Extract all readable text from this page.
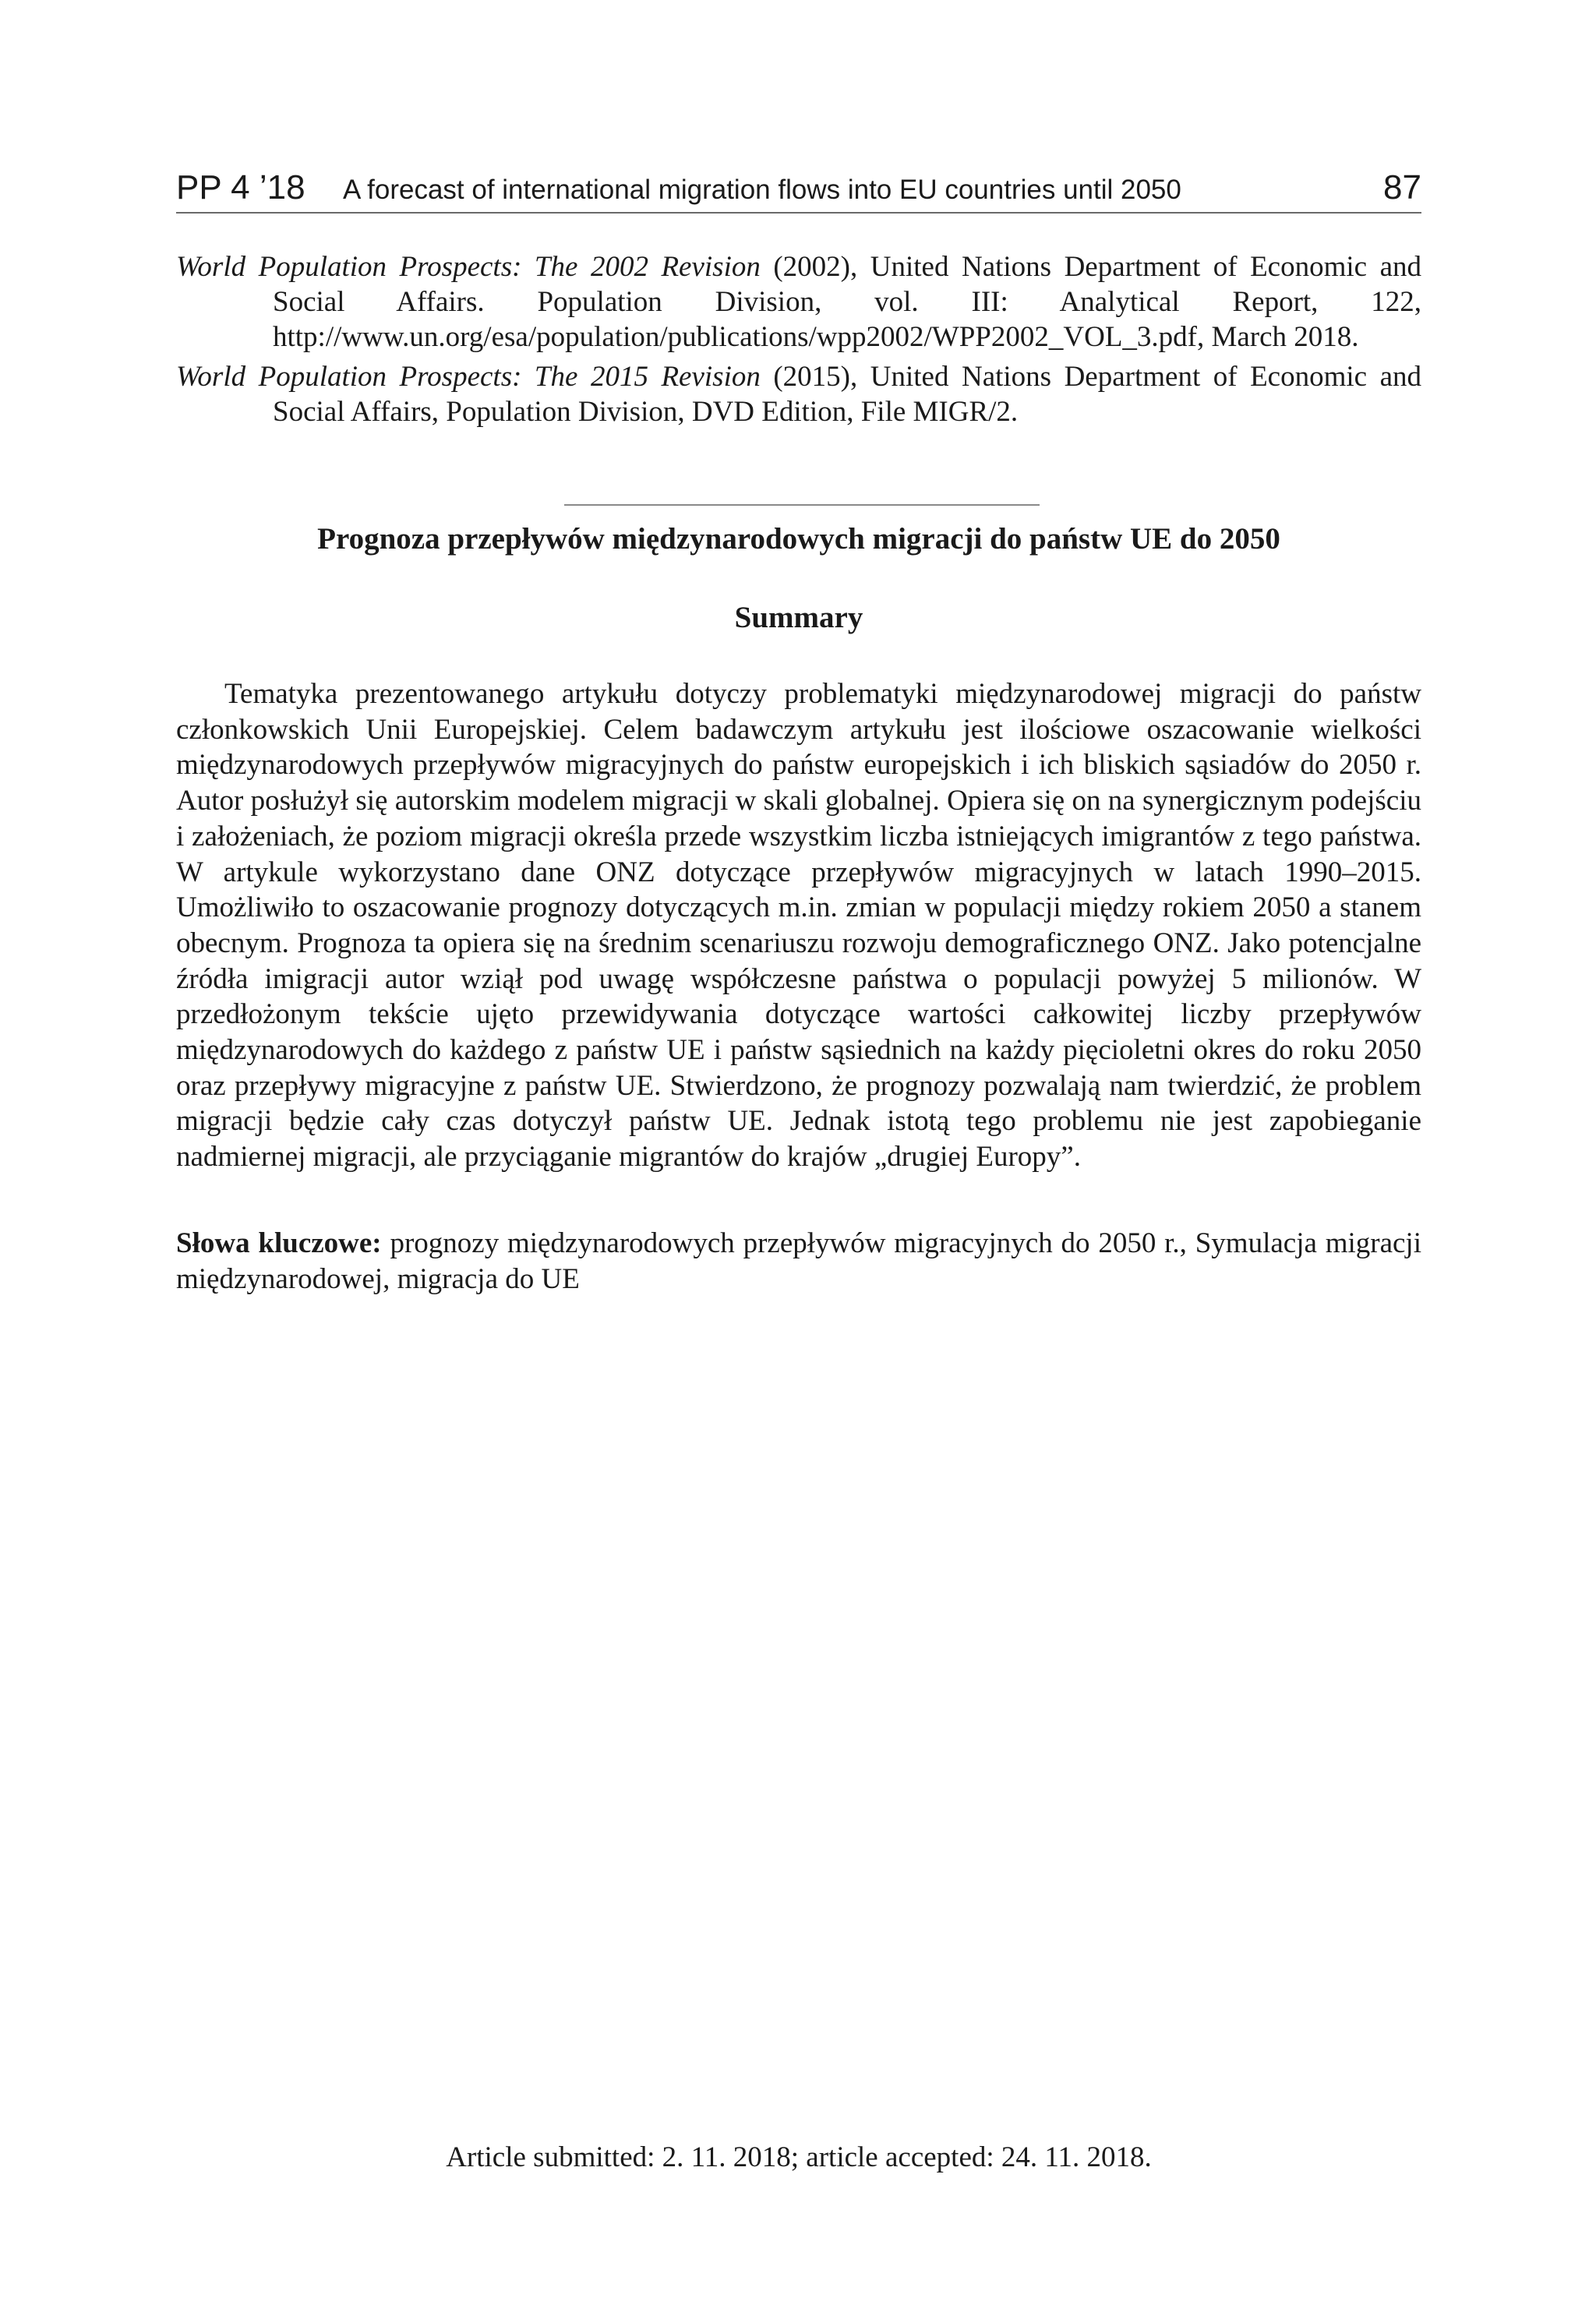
PP 4 ’18 A forecast of international migration flows into EU countries until 2050	87

World Population Prospects: The 2002 Revision (2002), United Nations Department of Economic and Social Affairs. Population Division, vol. III: Analytical Report, 122, http://www.un.org/esa/population/publications/wpp2002/WPP2002_VOL_3.pdf, March 2018.

World Population Prospects: The 2015 Revision (2015), United Nations Department of Economic and Social Affairs, Population Division, DVD Edition, File MIGR/2.

Prognoza przepływów międzynarodowych migracji do państw UE do 2050
Summary

Tematyka prezentowanego artykułu dotyczy problematyki międzynarodowej migracji do państw członkowskich Unii Europejskiej. Celem badawczym artykułu jest ilościowe oszacowanie wielkości międzynarodowych przepływów migracyjnych do państw europejskich i ich bliskich sąsiadów do 2050 r. Autor posłużył się autorskim modelem migracji w skali globalnej. Opiera się on na synergicznym podejściu i założeniach, że poziom migracji określa przede wszystkim liczba istniejących imigrantów z tego państwa. W artykule wykorzystano dane ONZ dotyczące przepływów migracyjnych w latach 1990–2015. Umożliwiło to oszacowanie prognozy dotyczących m.in. zmian w populacji między rokiem 2050 a stanem obecnym. Prognoza ta opiera się na średnim scenariuszu rozwoju demograficznego ONZ. Jako potencjalne źródła imigracji autor wziął pod uwagę współczesne państwa o populacji powyżej 5 milionów. W przedłożonym tekście ujęto przewidywania dotyczące wartości całkowitej liczby przepływów międzynarodowych do każdego z państw UE i państw sąsiednich na każdy pięcioletni okres do roku 2050 oraz przepływy migracyjne z państw UE. Stwierdzono, że prognozy pozwalają nam twierdzić, że problem migracji będzie cały czas dotyczył państw UE. Jednak istotą tego problemu nie jest zapobieganie nadmiernej migracji, ale przyciąganie migrantów do krajów „drugiej Europy”.

Słowa kluczowe: prognozy międzynarodowych przepływów migracyjnych do 2050 r., Symulacja migracji międzynarodowej, migracja do UE

Article submitted: 2. 11. 2018; article accepted: 24. 11. 2018.
